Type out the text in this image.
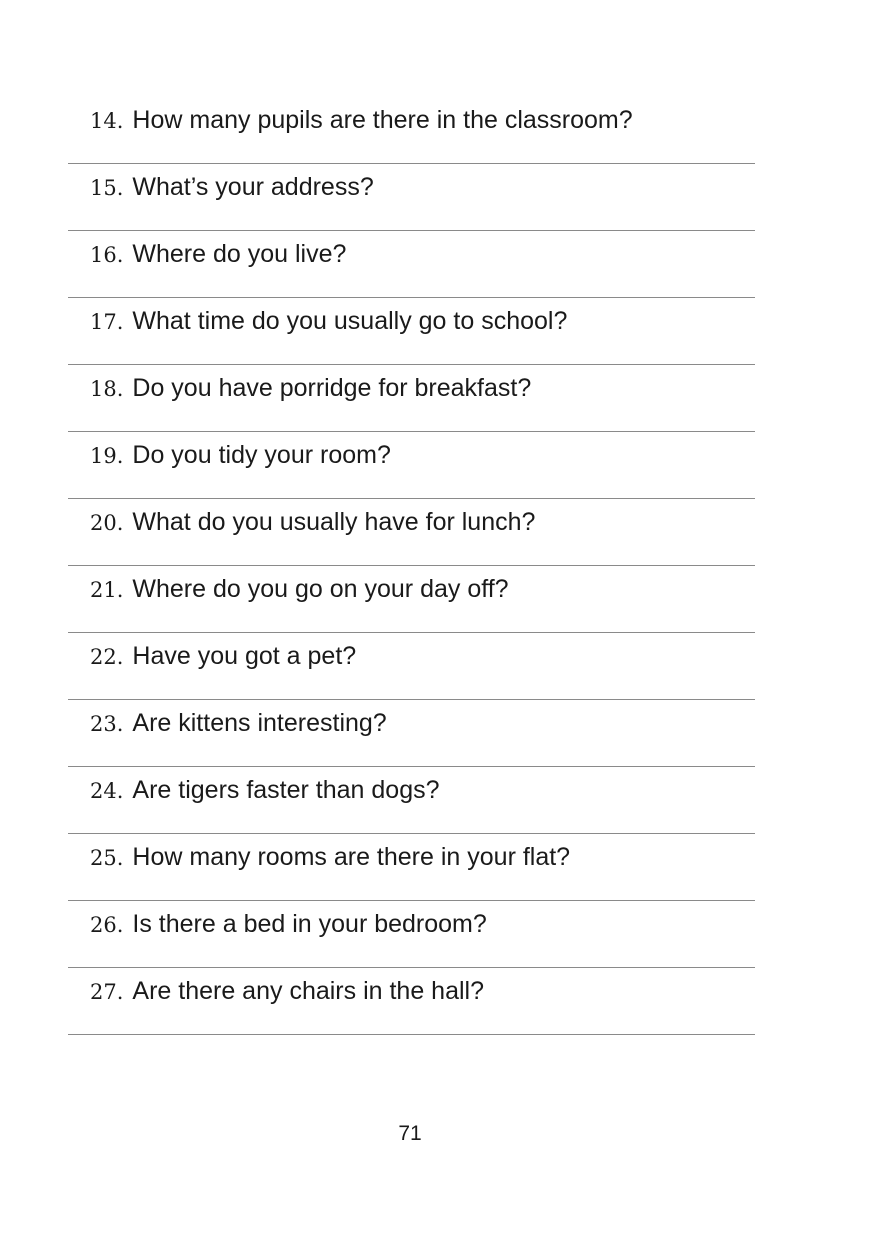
14. How many pupils are there in the classroom?
15. What’s your address?
16. Where do you live?
17. What time do you usually go to school?
18. Do you have porridge for breakfast?
19. Do you tidy your room?
20. What do you usually have for lunch?
21. Where do you go on your day off?
22. Have you got a pet?
23. Are kittens interesting?
24. Are tigers faster than dogs?
25. How many rooms are there in your flat?
26. Is there a bed in your bedroom?
27. Are there any chairs in the hall?
71
